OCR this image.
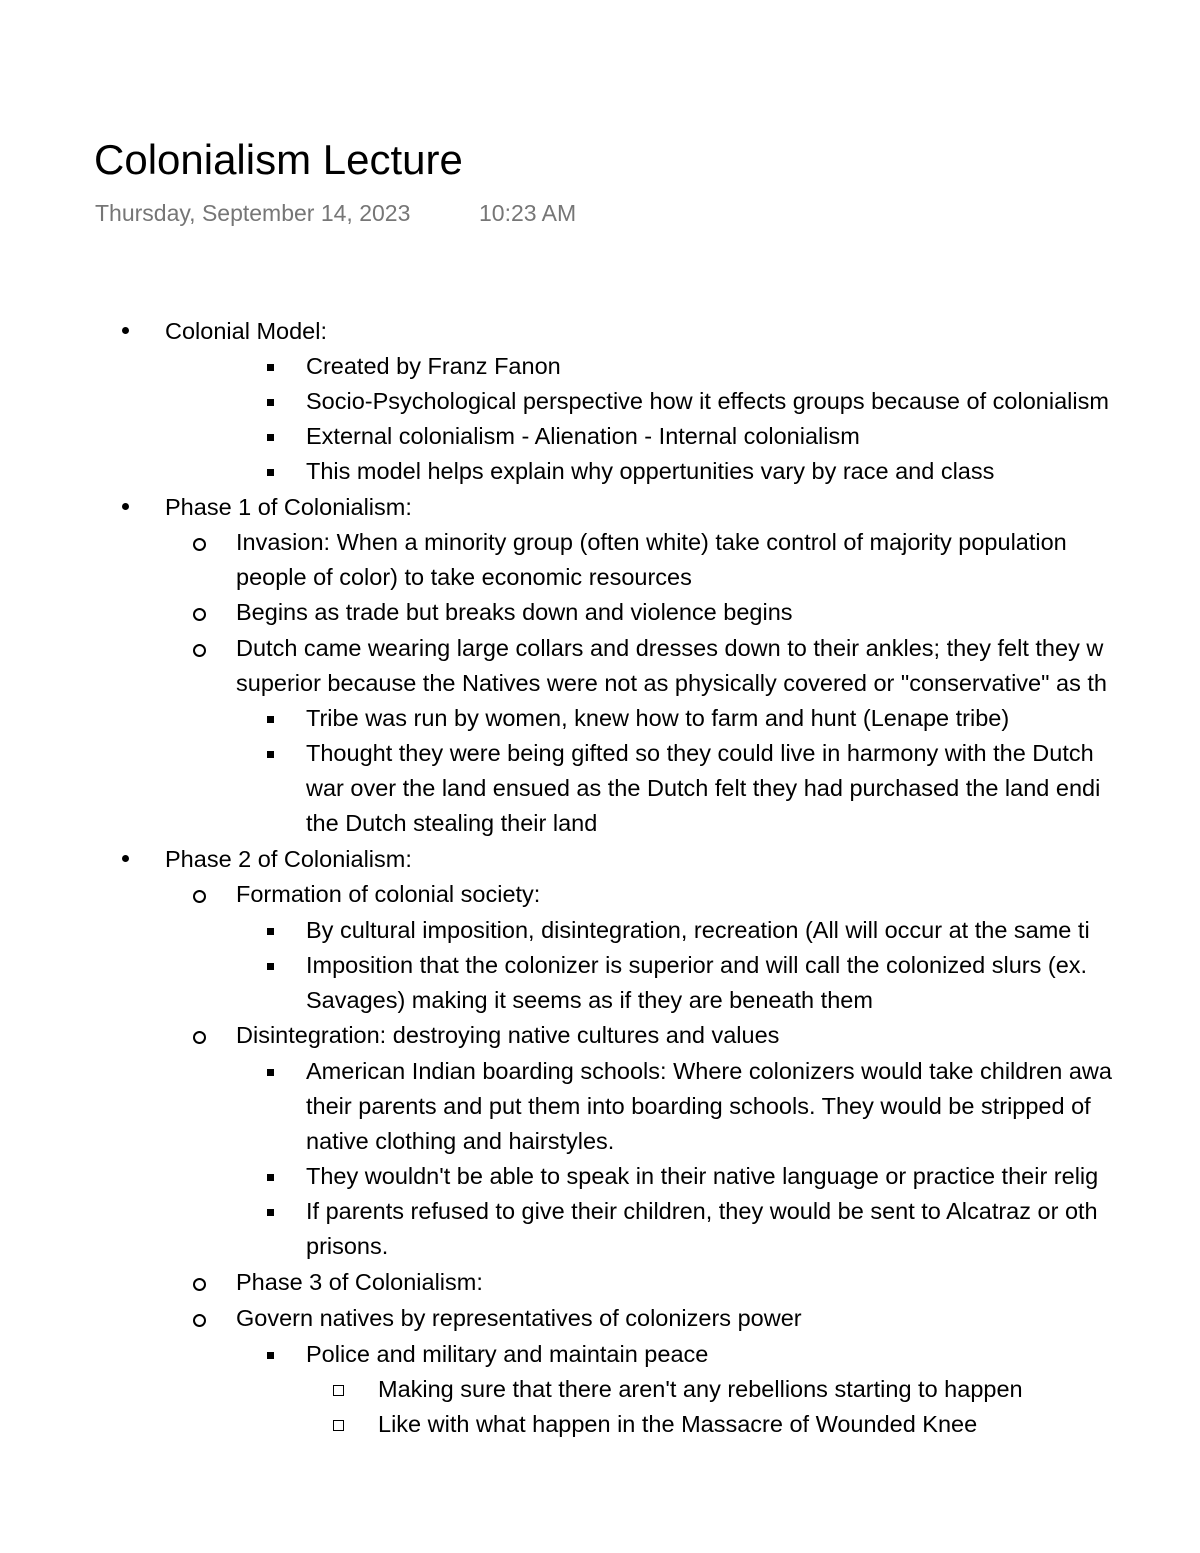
Colonialism Lecture
Thursday, September 14, 2023	10:23 AM
Colonial Model:
Created by Franz Fanon
Socio-Psychological perspective how it effects groups because of colonialism
External colonialism - Alienation - Internal colonialism
This model helps explain why oppertunities vary by race and class
Phase 1 of Colonialism:
Invasion: When a minority group (often white) take control of majority population
people of color) to take economic resources
Begins as trade but breaks down and violence begins
Dutch came wearing large collars and dresses down to their ankles; they felt they w
superior because the Natives were not as physically covered or "conservative" as th
Tribe was run by women, knew how to farm and hunt (Lenape tribe)
Thought they were being gifted so they could live in harmony with the Dutch
war over the land ensued as the Dutch felt they had purchased the land endi
the Dutch stealing their land
Phase 2 of Colonialism:
Formation of colonial society:
By cultural imposition, disintegration, recreation (All will occur at the same ti
Imposition that the colonizer is superior and will call the colonized slurs (ex.
Savages) making it seems as if they are beneath them
Disintegration: destroying native cultures and values
American Indian boarding schools: Where colonizers would take children awa
their parents and put them into boarding schools. They would be stripped of
native clothing and hairstyles.
They wouldn't be able to speak in their native language or practice their relig
If parents refused to give their children, they would be sent to Alcatraz or oth
prisons.
Phase 3 of Colonialism:
Govern natives by representatives of colonizers power
Police and military and maintain peace
Making sure that there aren't any rebellions starting to happen
Like with what happen in the Massacre of Wounded Knee
